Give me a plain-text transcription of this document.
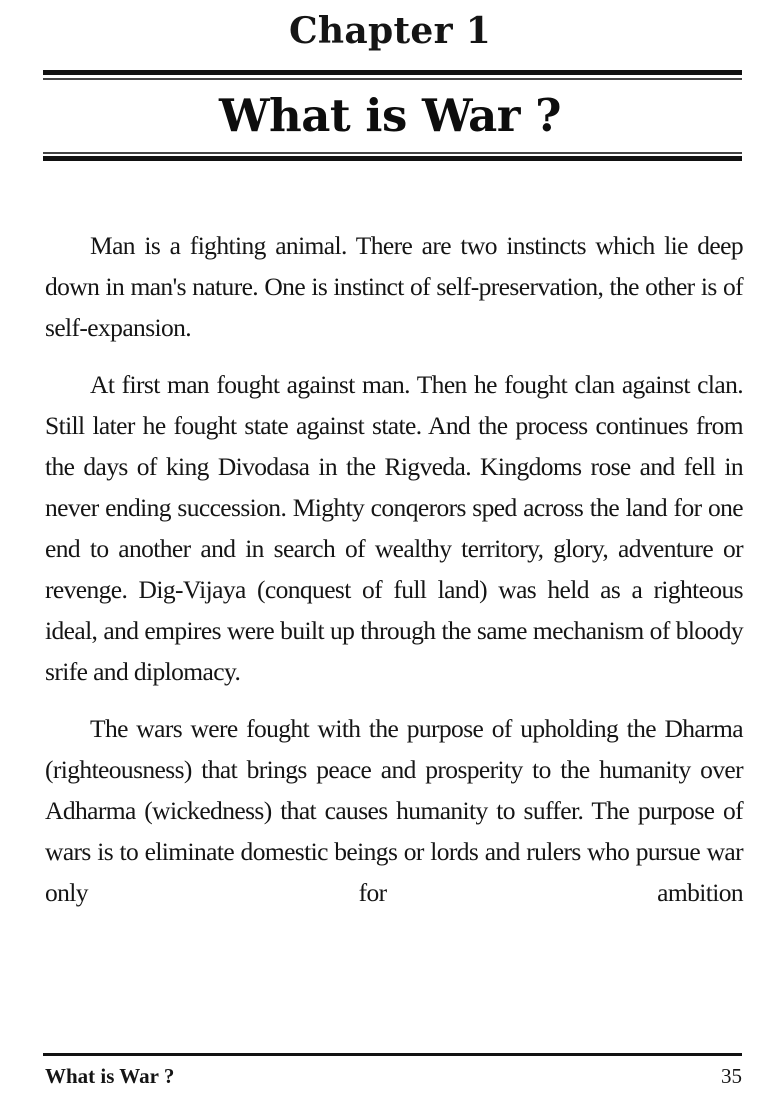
Chapter 1
What is War ?

Man is a fighting animal. There are two instincts which lie deep down in man's nature. One is instinct of self-preservation, the other is of self-expansion.

At first man fought against man. Then he fought clan against clan. Still later he fought state against state. And the process continues from the days of king Divodasa in the Rigveda. Kingdoms rose and fell in never ending succession. Mighty conqerors sped across the land for one end to another and in search of wealthy territory, glory, adventure or revenge. Dig-Vijaya (conquest of full land) was held as a righteous ideal, and empires were built up through the same mechanism of bloody srife and diplomacy.

The wars were fought with the purpose of upholding the Dharma (righteousness) that brings peace and prosperity to the humanity over Adharma (wickedness) that causes humanity to suffer. The purpose of wars is to eliminate domestic beings or lords and rulers who pursue war only for ambition

What is War ?	35
